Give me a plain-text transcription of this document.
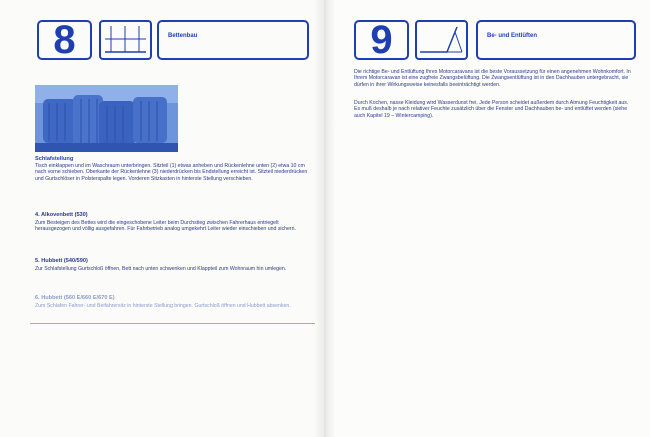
8	Bettenbau
Schlafstellung
Tisch einklappen und im Waschraum unterbringen. Sitzteil (1) etwas anheben und Rückenlehne unten (2) etwa 10 cm nach vorne schieben. Oberkante der Rückenlehne (3) niederdrücken bis Endstellung erreicht ist. Sitzteil niederdrücken und Gurtschlöser in Polsterspalte legen. Vorderen Sitzkasten in hinterste Stellung verschieben.
4. Alkovenbett (530)
Zum Besteigen des Bettes wird die eingeschobene Leiter beim Durchstieg zwischen Fahrerhaus entriegelt herausgezogen und völlig ausgefahren. Für Fahrbetrieb analog umgekehrt Leiter wieder einschieben und sichern.
5. Hubbett (540/590)
Zur Schlafstellung Gurtschloß öffnen, Bett nach unten schwenken und Klappteil zum Wohnraum hin umlegen.
6. Hubbett (560 E/660 E/670 E)
Zum Schlafen Fahrer- und Beifahrersitz in hinterste Stellung bringen. Gurtschloß öffnen und Hubbett absenken.
9	Be- und Entlüften
Die richtige Be- und Entlüftung Ihres Motorcaravans ist die beste Voraussetzung für einen angenehmen Wohnkomfort. In Ihrem Motorcaravan ist eine zugfreie Zwangsbelüftung. Die Zwangsentlüftung ist in den Dachhauben untergebracht, sie dürfen in ihrer Wirkungsweise keinesfalls beeinträchtigt werden.
Durch Kochen, nasse Kleidung wird Wasserdunst frei. Jede Person scheidet außerdem durch Atmung Feuchtigkeit aus. Es muß deshalb je nach relativer Feuchte zusätzlich über die Fenster und Dachhauben be- und entlüftet werden (siehe auch Kapitel 19 – Wintercamping).
